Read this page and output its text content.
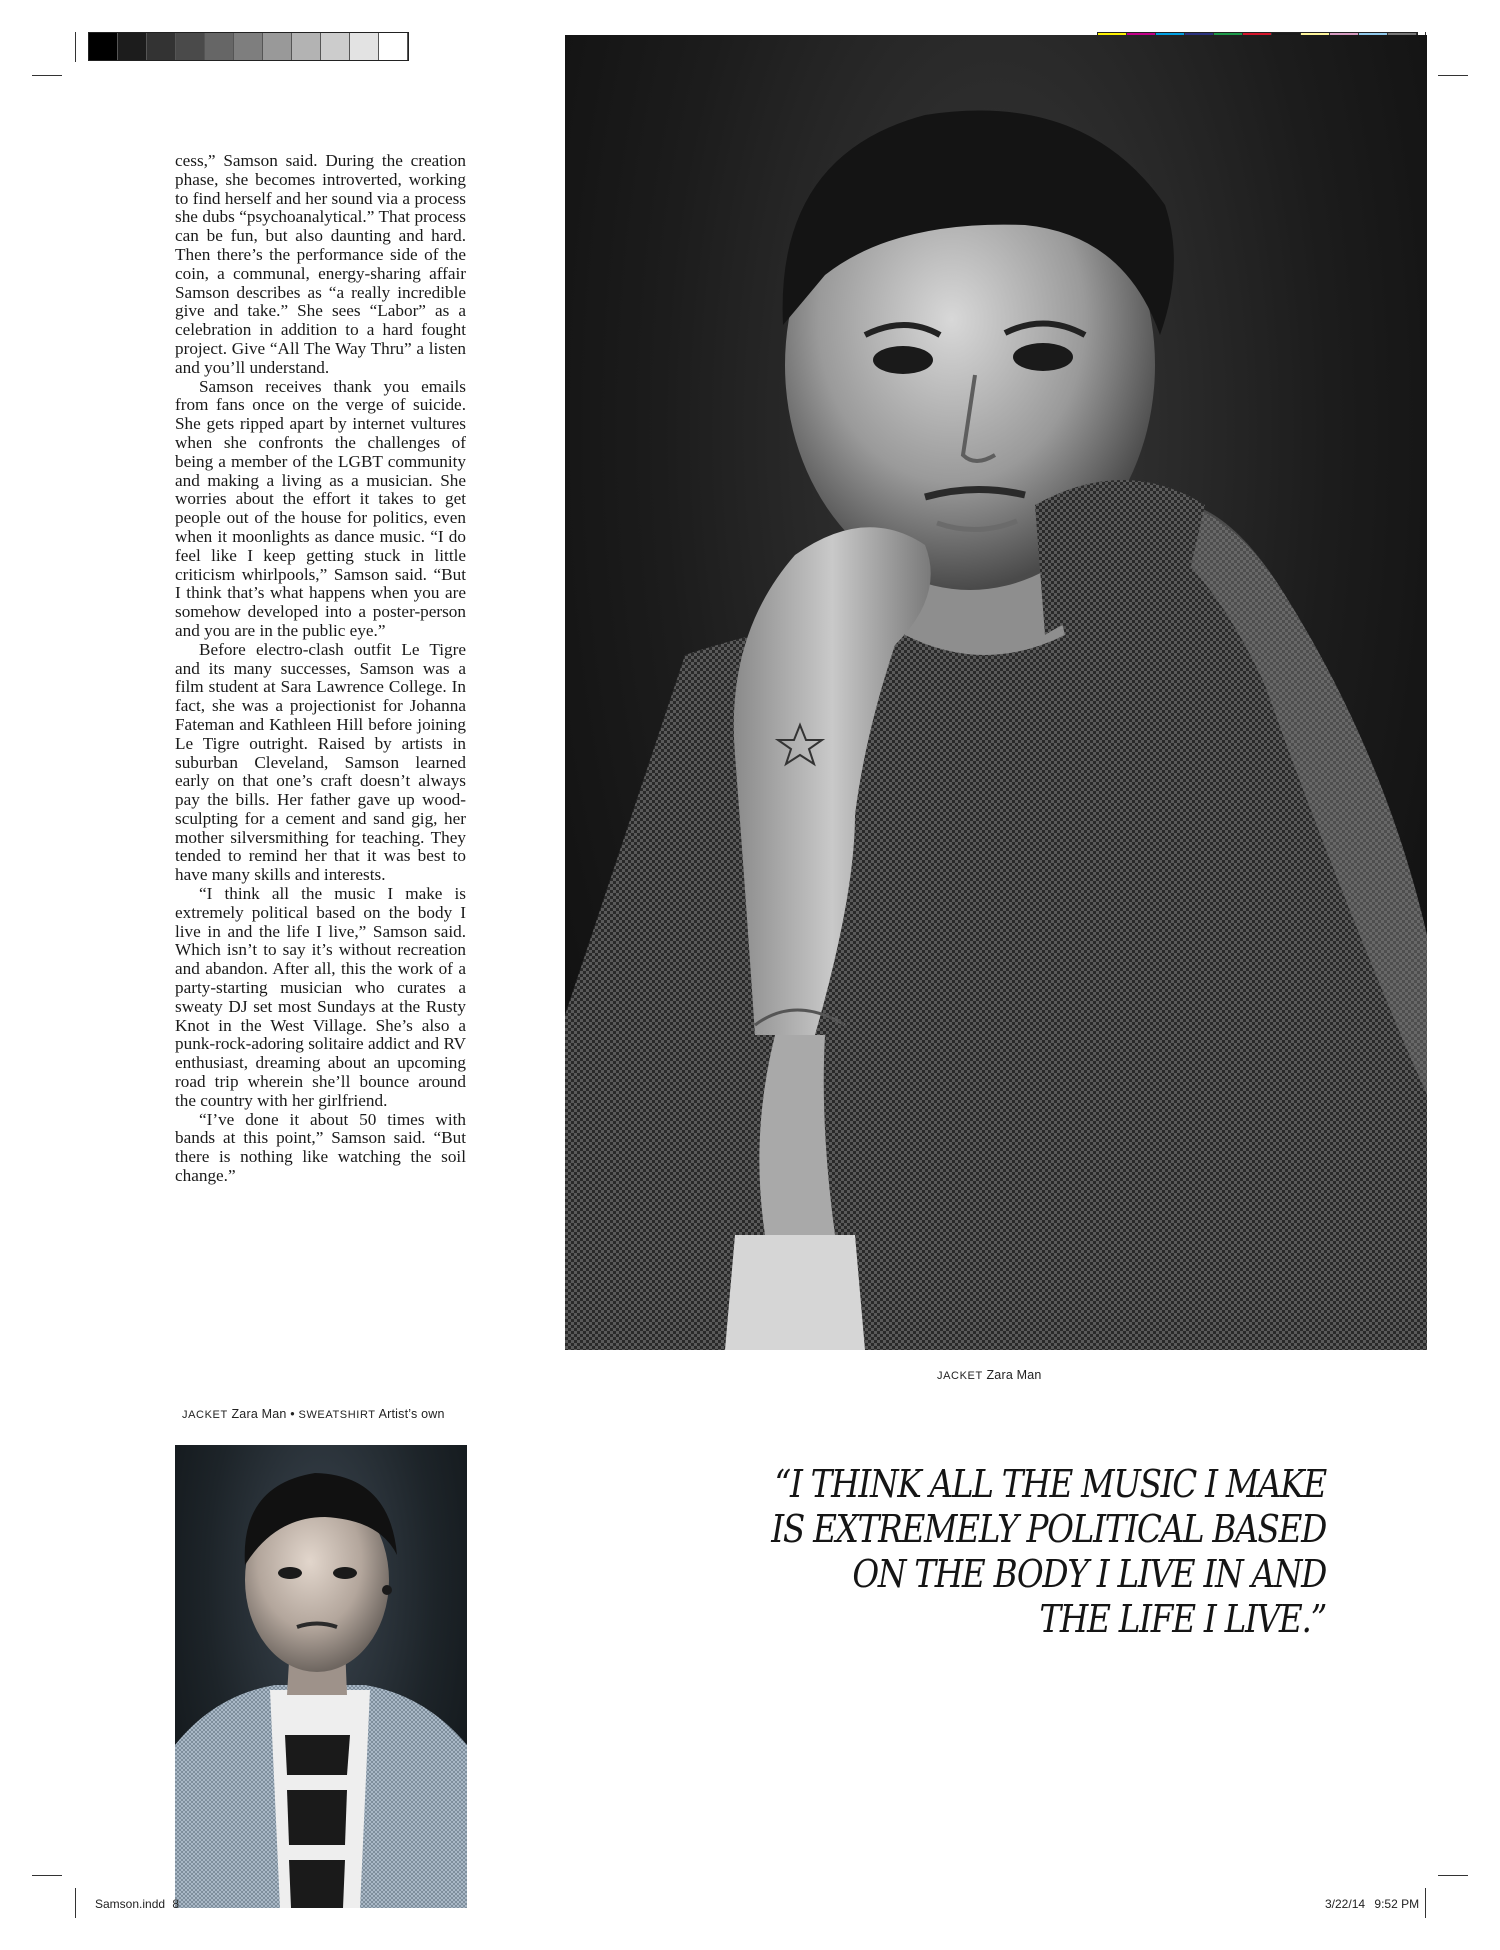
cess,” Samson said. During the creation phase, she becomes introverted, working to find herself and her sound via a process she dubs “psychoanalytical.” That process can be fun, but also daunting and hard. Then there’s the performance side of the coin, a communal, energy-sharing affair Samson describes as “a really incredible give and take.” She sees “Labor” as a celebration in addition to a hard fought project. Give “All The Way Thru” a listen and you’ll understand.

Samson receives thank you emails from fans once on the verge of suicide. She gets ripped apart by internet vultures when she confronts the challenges of being a member of the LGBT community and making a living as a musician. She worries about the effort it takes to get people out of the house for politics, even when it moonlights as dance music. “I do feel like I keep getting stuck in little criticism whirlpools,” Samson said. “But I think that’s what happens when you are somehow developed into a poster-person and you are in the public eye.”

Before electro-clash outfit Le Tigre and its many successes, Samson was a film student at Sara Lawrence College. In fact, she was a projectionist for Johanna Fateman and Kathleen Hill before joining Le Tigre outright. Raised by artists in suburban Cleveland, Samson learned early on that one’s craft doesn’t always pay the bills. Her father gave up wood-sculpting for a cement and sand gig, her mother silversmithing for teaching. They tended to remind her that it was best to have many skills and interests.

“I think all the music I make is extremely political based on the body I live in and the life I live,” Samson said. Which isn’t to say it’s without recreation and abandon. After all, this the work of a party-starting musician who curates a sweaty DJ set most Sundays at the Rusty Knot in the West Village. She’s also a punk-rock-adoring solitaire addict and RV enthusiast, dreaming about an upcoming road trip wherein she’ll bounce around the country with her girlfriend.

“I’ve done it about 50 times with bands at this point,” Samson said. “But there is nothing like watching the soil change.”

JACKET Zara Man
JACKET Zara Man • SWEATSHIRT Artist’s own
“I THINK ALL THE MUSIC I MAKE
IS EXTREMELY POLITICAL BASED
ON THE BODY I LIVE IN AND
THE LIFE I LIVE.”
Samson.indd 8	3/22/14 9:52 PM
